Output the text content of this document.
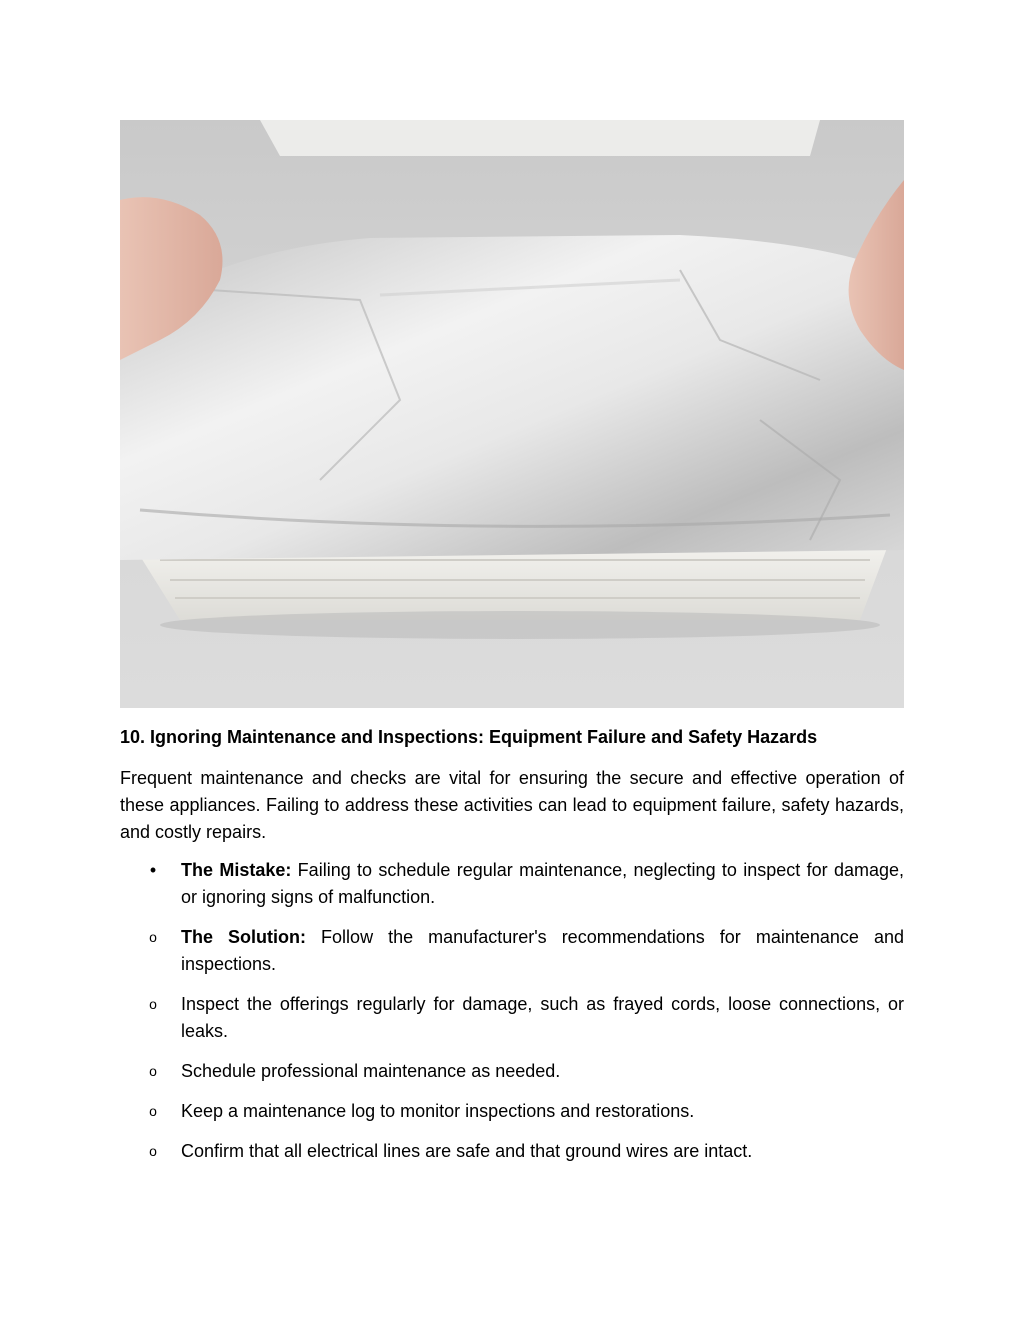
10. Ignoring Maintenance and Inspections: Equipment Failure and Safety Hazards

Frequent maintenance and checks are vital for ensuring the secure and effective operation of these appliances. Failing to address these activities can lead to equipment failure, safety hazards, and costly repairs.

• The Mistake: Failing to schedule regular maintenance, neglecting to inspect for damage, or ignoring signs of malfunction.
o The Solution: Follow the manufacturer's recommendations for maintenance and inspections.
o Inspect the offerings regularly for damage, such as frayed cords, loose connections, or leaks.
o Schedule professional maintenance as needed.
o Keep a maintenance log to monitor inspections and restorations.
o Confirm that all electrical lines are safe and that ground wires are intact.
